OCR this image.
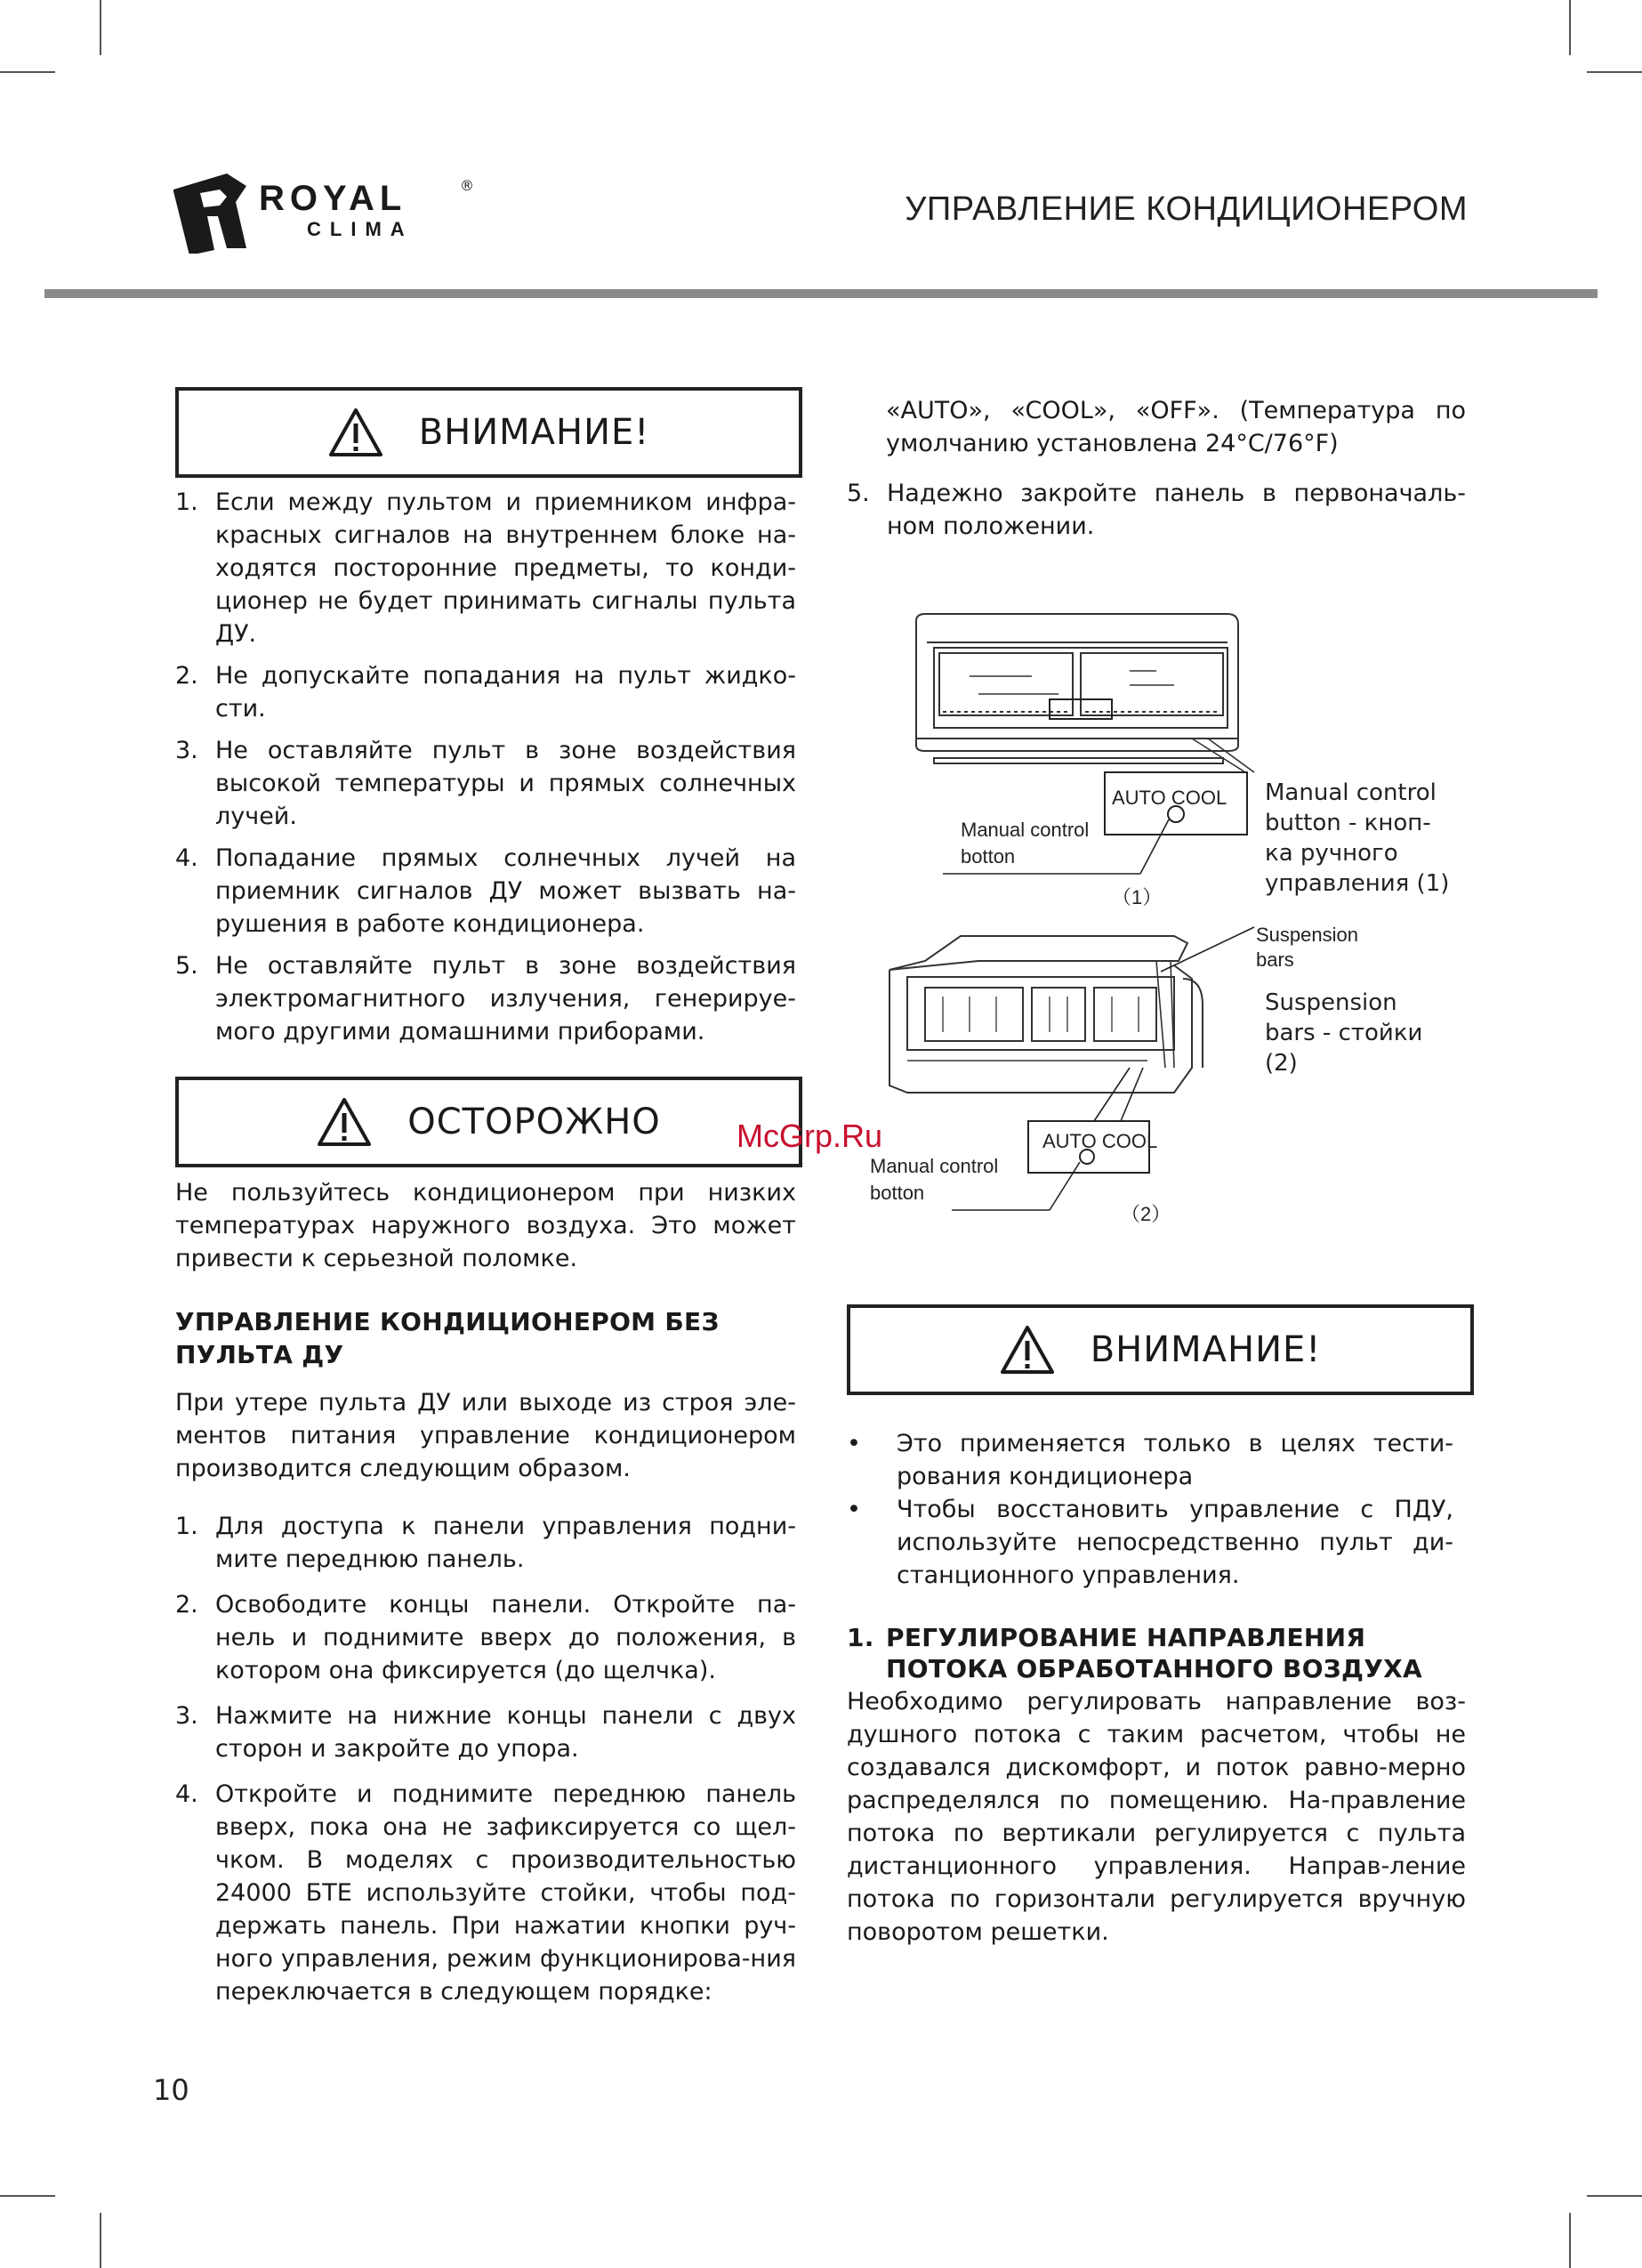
ROYAL	®
CLIMA
УПРАВЛЕНИЕ КОНДИЦИОНЕРОМ
ВНИМАНИЕ!
1. Если между пультом и приемником инфра-красных сигналов на внутреннем блоке на-ходятся посторонние предметы, то конди-ционер не будет принимать сигналы пульта ДУ.
2. Не допускайте попадания на пульт жидко-сти.
3. Не оставляйте пульт в зоне воздействия высокой температуры и прямых солнечных лучей.
4. Попадание прямых солнечных лучей на приемник сигналов ДУ может вызвать на-рушения в работе кондиционера.
5. Не оставляйте пульт в зоне воздействия электромагнитного излучения, генерируе-мого другими домашними приборами.
ОСТОРОЖНО
Не пользуйтесь кондиционером при низких температурах наружного воздуха. Это может привести к серьезной поломке.
УПРАВЛЕНИЕ КОНДИЦИОНЕРОМ БЕЗ ПУЛЬТА ДУ
При утере пульта ДУ или выходе из строя эле-ментов питания управление кондиционером производится следующим образом.
1. Для доступа к панели управления подни-мите переднюю панель.
2. Освободите концы панели. Откройте па-нель и поднимите вверх до положения, в котором она фиксируется (до щелчка).
3. Нажмите на нижние концы панели с двух сторон и закройте до упора.
4. Откройте и поднимите переднюю панель вверх, пока она не зафиксируется со щел-чком. В моделях с производительностью 24000 БТЕ используйте стойки, чтобы под-держать панель. При нажатии кнопки руч-ного управления, режим функционирова-ния переключается в следующем порядке:
«AUTO», «COOL», «OFF». (Температура по умолчанию установлена 24°C/76°F)
5. Надежно закройте панель в первоначаль-ном положении.
AUTO COOL
Manual control
botton
（1）
Suspension
bars
AUTO COOL
Manual control
botton
（2）
Manual control
button - кноп-
ка ручного
управления (1)
Suspension
bars - стойки
(2)
McGrp.Ru
ВНИМАНИЕ!
• Это применяется только в целях тести-рования кондиционера
• Чтобы восстановить управление с ПДУ, используйте непосредственно пульт ди-станционного управления.
1. РЕГУЛИРОВАНИЕ НАПРАВЛЕНИЯ
ПОТОКА ОБРАБОТАННОГО ВОЗДУХА
Необходимо регулировать направление воз-душного потока с таким расчетом, чтобы не создавался дискомфорт, и поток равно-мерно распределялся по помещению. На-правление потока по вертикали регулируется с пульта дистанционного управления. Направ-ление потока по горизонтали регулируется вручную поворотом решетки.
10
